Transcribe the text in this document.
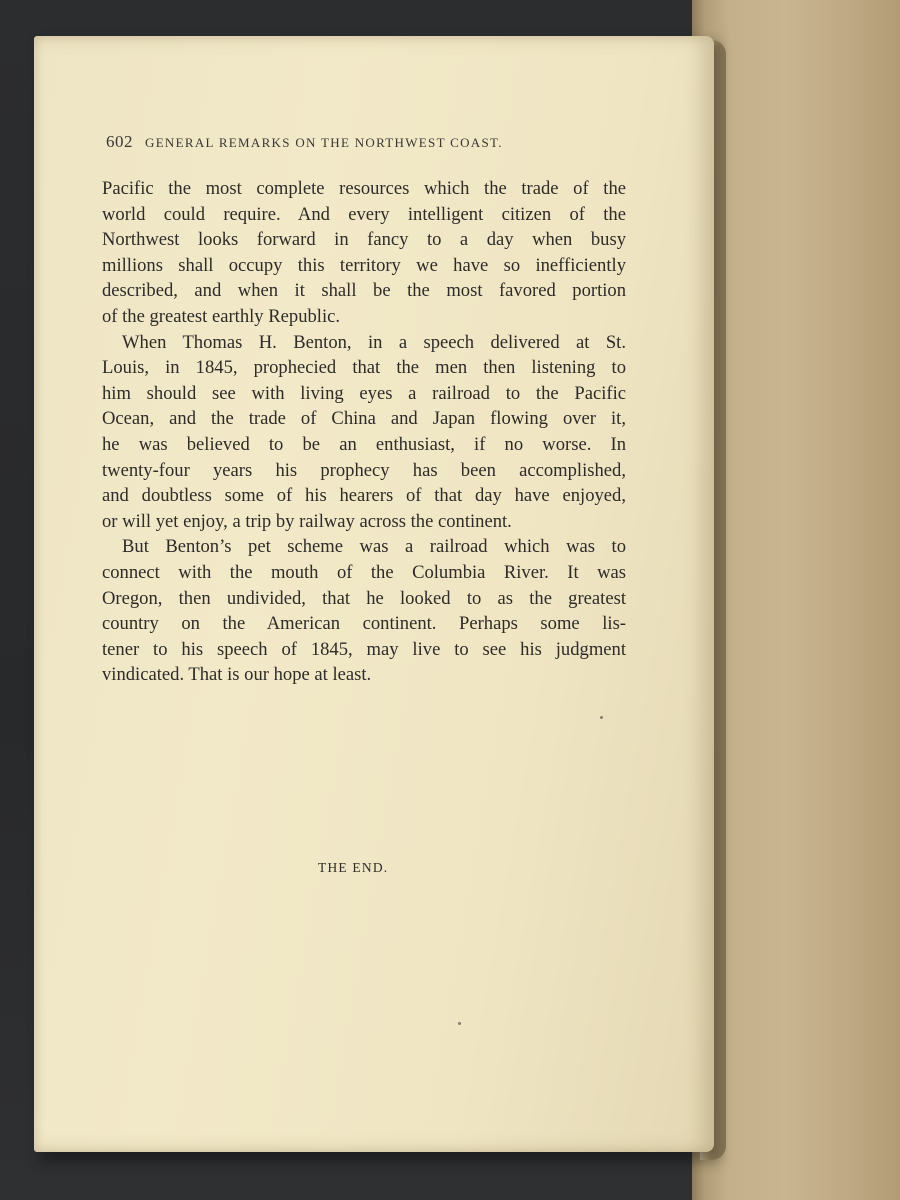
602 GENERAL REMARKS ON THE NORTHWEST COAST.
Pacific the most complete resources which the trade of the
world could require. And every intelligent citizen of the
Northwest looks forward in fancy to a day when busy
millions shall occupy this territory we have so inefficiently
described, and when it shall be the most favored portion
of the greatest earthly Republic.
When Thomas H. Benton, in a speech delivered at St.
Louis, in 1845, prophecied that the men then listening to
him should see with living eyes a railroad to the Pacific
Ocean, and the trade of China and Japan flowing over it,
he was believed to be an enthusiast, if no worse. In
twenty-four years his prophecy has been accomplished,
and doubtless some of his hearers of that day have enjoyed,
or will yet enjoy, a trip by railway across the continent.
But Benton’s pet scheme was a railroad which was to
connect with the mouth of the Columbia River. It was
Oregon, then undivided, that he looked to as the greatest
country on the American continent. Perhaps some lis-
tener to his speech of 1845, may live to see his judgment
vindicated. That is our hope at least.
THE END.
